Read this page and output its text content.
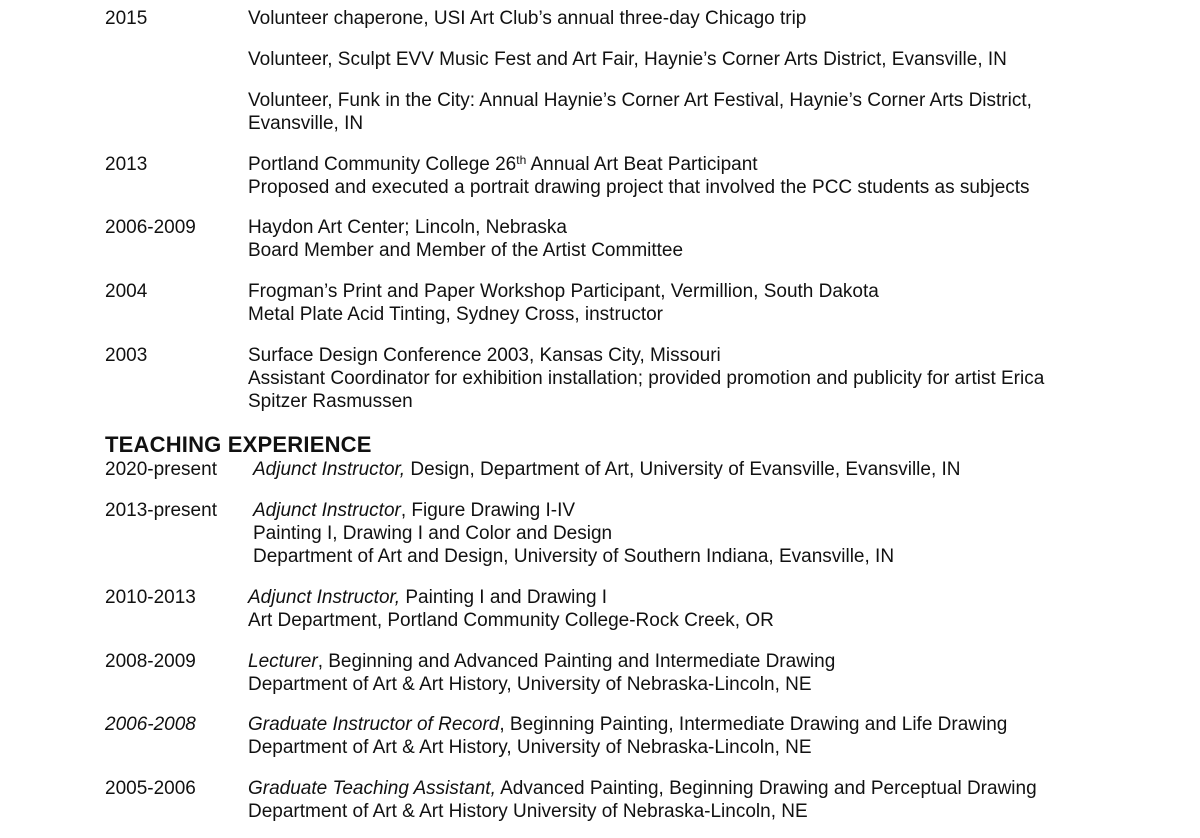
2015	Volunteer chaperone, USI Art Club’s annual three-day Chicago trip
Volunteer, Sculpt EVV Music Fest and Art Fair, Haynie’s Corner Arts District, Evansville, IN
Volunteer, Funk in the City: Annual Haynie’s Corner Art Festival, Haynie’s Corner Arts District,
Evansville, IN
2013	Portland Community College 26th Annual Art Beat Participant
Proposed and executed a portrait drawing project that involved the PCC students as subjects
2006-2009	Haydon Art Center; Lincoln, Nebraska
Board Member and Member of the Artist Committee
2004	Frogman’s Print and Paper Workshop Participant, Vermillion, South Dakota
Metal Plate Acid Tinting, Sydney Cross, instructor
2003	Surface Design Conference 2003, Kansas City, Missouri
Assistant Coordinator for exhibition installation; provided promotion and publicity for artist Erica
Spitzer Rasmussen
TEACHING EXPERIENCE
2020-present Adjunct Instructor, Design, Department of Art, University of Evansville, Evansville, IN
2013-present Adjunct Instructor, Figure Drawing I-IV
Painting I, Drawing I and Color and Design
Department of Art and Design, University of Southern Indiana, Evansville, IN
2010-2013	Adjunct Instructor, Painting I and Drawing I
Art Department, Portland Community College-Rock Creek, OR
2008-2009	Lecturer, Beginning and Advanced Painting and Intermediate Drawing
Department of Art & Art History, University of Nebraska-Lincoln, NE
2006-2008	Graduate Instructor of Record, Beginning Painting, Intermediate Drawing and Life Drawing
Department of Art & Art History, University of Nebraska-Lincoln, NE
2005-2006	Graduate Teaching Assistant, Advanced Painting, Beginning Drawing and Perceptual Drawing
Department of Art & Art History University of Nebraska-Lincoln, NE
